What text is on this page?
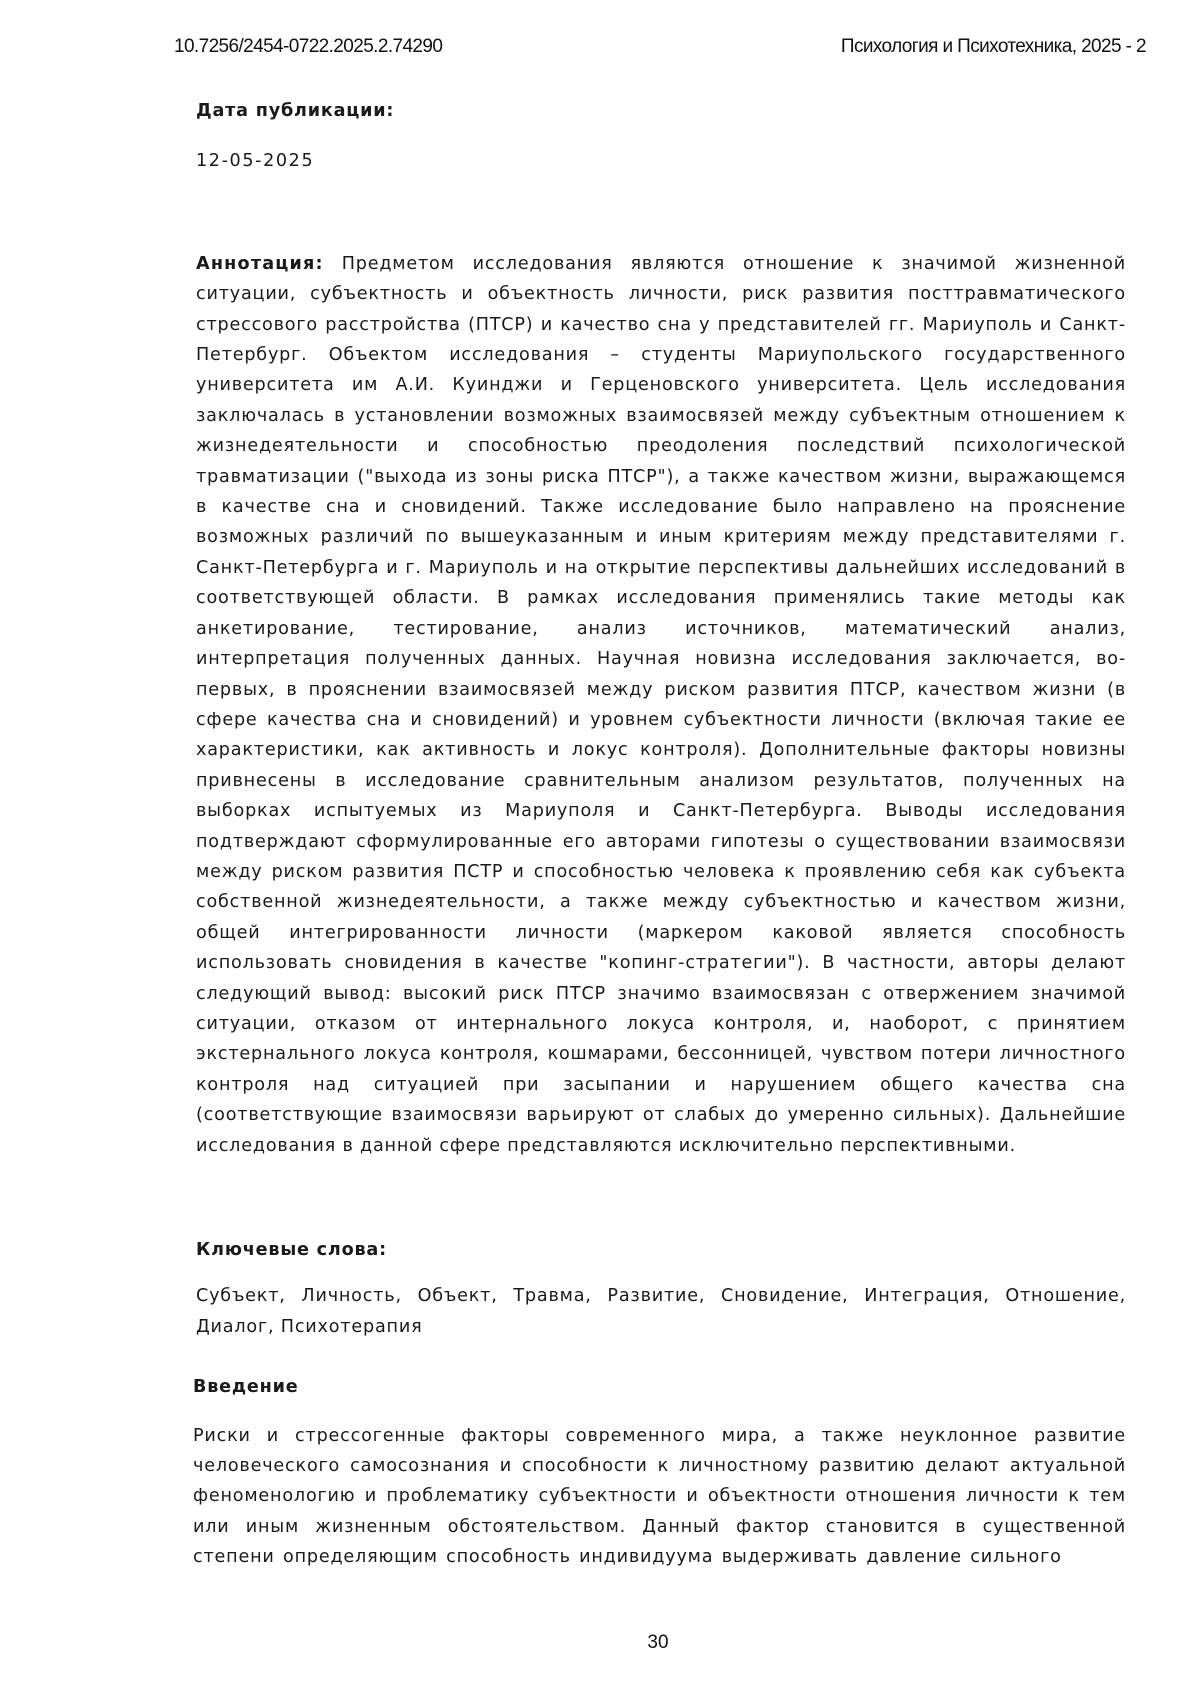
10.7256/2454-0722.2025.2.74290	Психология и Психотехника, 2025 - 2

Дата публикации:

12-05-2025

Аннотация: Предметом исследования являются отношение к значимой жизненной ситуации, субъектность и объектность личности, риск развития посттравматического стрессового расстройства (ПТСР) и качество сна у представителей гг. Мариуполь и Санкт-Петербург. Объектом исследования – студенты Мариупольского государственного университета им А.И. Куинджи и Герценовского университета. Цель исследования заключалась в установлении возможных взаимосвязей между субъектным отношением к жизнедеятельности и способностью преодоления последствий психологической травматизации ("выхода из зоны риска ПТСР"), а также качеством жизни, выражающемся в качестве сна и сновидений. Также исследование было направлено на прояснение возможных различий по вышеуказанным и иным критериям между представителями г. Санкт-Петербурга и г. Мариуполь и на открытие перспективы дальнейших исследований в соответствующей области. В рамках исследования применялись такие методы как анкетирование, тестирование, анализ источников, математический анализ, интерпретация полученных данных. Научная новизна исследования заключается, во-первых, в прояснении взаимосвязей между риском развития ПТСР, качеством жизни (в сфере качества сна и сновидений) и уровнем субъектности личности (включая такие ее характеристики, как активность и локус контроля). Дополнительные факторы новизны привнесены в исследование сравнительным анализом результатов, полученных на выборках испытуемых из Мариуполя и Санкт-Петербурга. Выводы исследования подтверждают сформулированные его авторами гипотезы о существовании взаимосвязи между риском развития ПСТР и способностью человека к проявлению себя как субъекта собственной жизнедеятельности, а также между субъектностью и качеством жизни, общей интегрированности личности (маркером каковой является способность использовать сновидения в качестве "копинг-стратегии"). В частности, авторы делают следующий вывод: высокий риск ПТСР значимо взаимосвязан с отвержением значимой ситуации, отказом от интернального локуса контроля, и, наоборот, с принятием экстернального локуса контроля, кошмарами, бессонницей, чувством потери личностного контроля над ситуацией при засыпании и нарушением общего качества сна (соответствующие взаимосвязи варьируют от слабых до умеренно сильных). Дальнейшие исследования в данной сфере представляются исключительно перспективными.

Ключевые слова:

Субъект, Личность, Объект, Травма, Развитие, Сновидение, Интеграция, Отношение, Диалог, Психотерапия

Введение

Риски и стрессогенные факторы современного мира, а также неуклонное развитие человеческого самосознания и способности к личностному развитию делают актуальной феноменологию и проблематику субъектности и объектности отношения личности к тем или иным жизненным обстоятельством. Данный фактор становится в существенной степени определяющим способность индивидуума выдерживать давление сильного

30
